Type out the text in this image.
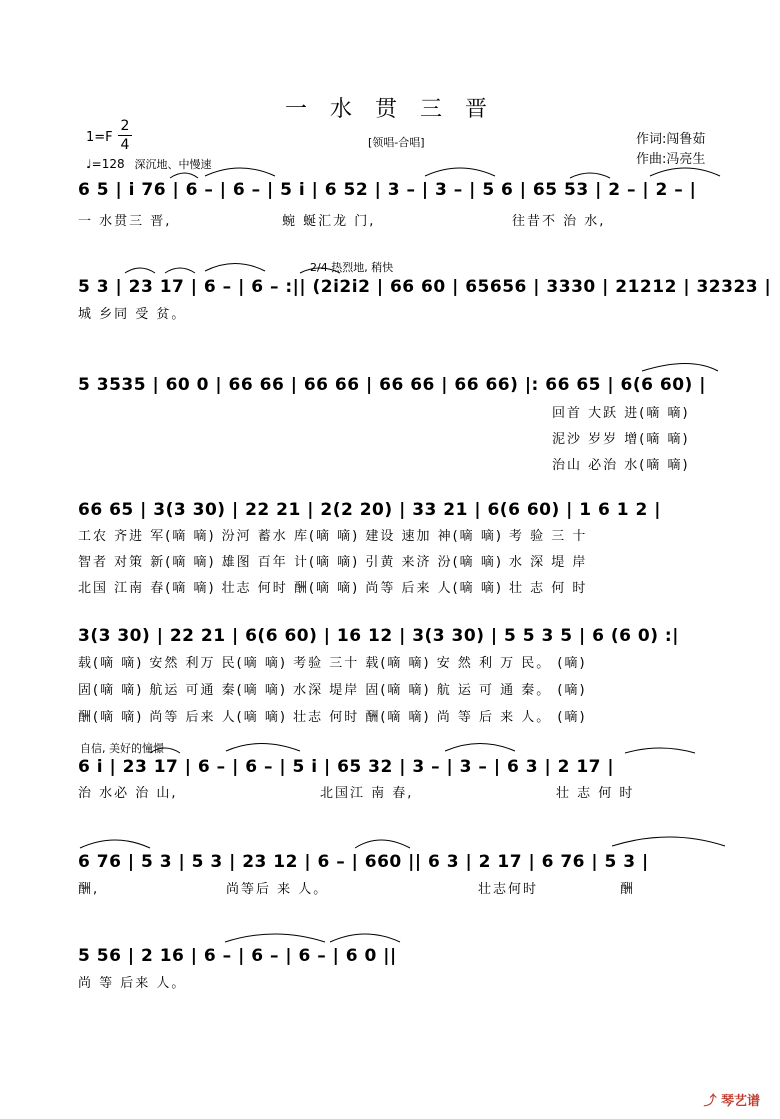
一 水 贯 三 晋
1=F
2
4
♩=128 深沉地、中慢速
[领唱-合唱]	作词:闯鲁茹
作曲:冯亮生
6 5 | i 76 | 6 – | 6 – | 5 i | 6 52 | 3 – | 3 – | 5 6 | 65 53 | 2 – | 2 – |
一 水贯三 晋,	蜿 蜒汇龙 门,	往昔不 治 水,
2/4 热烈地, 稍快
5 3 | 23 17 | 6 – | 6 – :|| (2i2i2 | 66 60 | 65656 | 3330 | 21212 | 32323 |
城 乡同 受 贫。
5 3535 | 60 0 | 66 66 | 66 66 | 66 66 | 66 66) |: 66 65 | 6(6 60) |
回首 大跃 进(嘀 嘀)
泥沙 岁岁 增(嘀 嘀)
治山 必治 水(嘀 嘀)
66 65 | 3(3 30) | 22 21 | 2(2 20) | 33 21 | 6(6 60) | 1 6 1 2 |
工农 齐进 军(嘀 嘀) 汾河 蓄水 库(嘀 嘀) 建设 速加 神(嘀 嘀) 考 验 三 十
智者 对策 新(嘀 嘀) 雄图 百年 计(嘀 嘀) 引黄 来济 汾(嘀 嘀) 水 深 堤 岸
北国 江南 春(嘀 嘀) 壮志 何时 酬(嘀 嘀) 尚等 后来 人(嘀 嘀) 壮 志 何 时
3(3 30) | 22 21 | 6(6 60) | 16 12 | 3(3 30) | 5 5 3 5 | 6 (6 0) :|
载(嘀 嘀) 安然 利万 民(嘀 嘀) 考验 三十 载(嘀 嘀) 安 然 利 万 民。 (嘀)
固(嘀 嘀) 航运 可通 秦(嘀 嘀) 水深 堤岸 固(嘀 嘀) 航 运 可 通 秦。 (嘀)
酬(嘀 嘀) 尚等 后来 人(嘀 嘀) 壮志 何时 酬(嘀 嘀) 尚 等 后 来 人。 (嘀)
自信, 美好的憧憬
6 i | 23 17 | 6 – | 6 – | 5 i | 65 32 | 3 – | 3 – | 6 3 | 2 17 |
治 水必 治 山,	北国江 南 春,	壮 志 何 时
6 76 | 5 3 | 5 3 | 23 12 | 6 – | 660 || 6 3 | 2 17 | 6 76 | 5 3 |
酬,	尚等后 来 人。	壮志何时	酬
5 56 | 2 16 | 6 – | 6 – | 6 – | 6 0 ||
尚 等 后来 人。
⤴ 琴艺谱
